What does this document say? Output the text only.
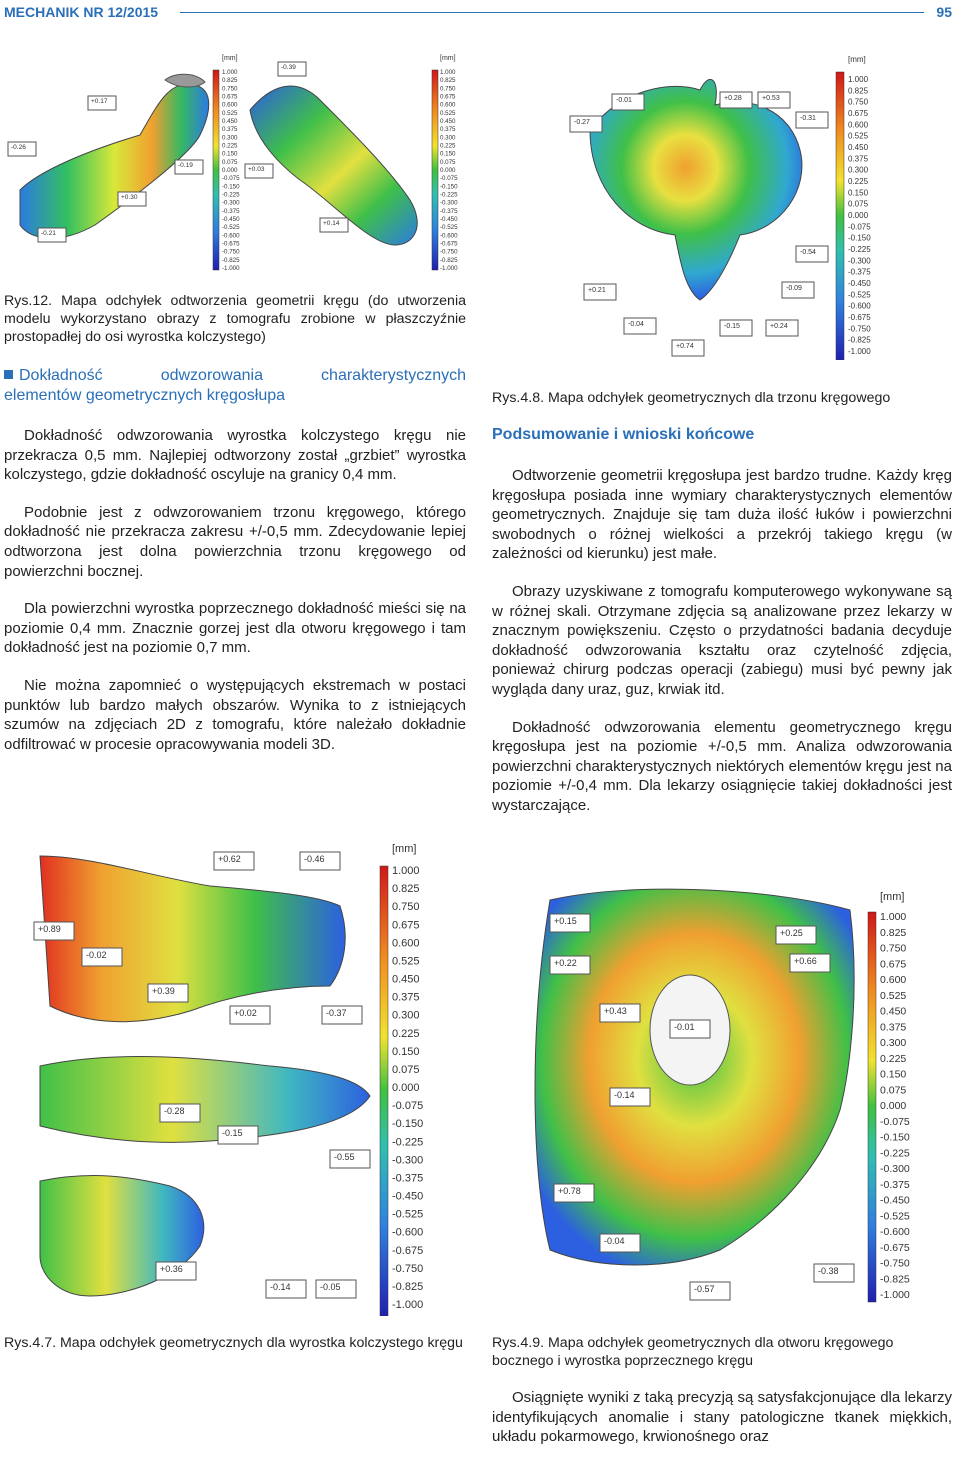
MECHANIK NR 12/2015	95
[mm]
1.000
0.825
0.750
0.675
0.600
0.525
0.450
0.375
0.300
0.225
0.150
0.075
0.000
-0.075
-0.150
-0.225
-0.300
-0.375
-0.450
-0.525
-0.600
-0.675
-0.750
-0.825
-1.000
[mm]
1.000
0.825
0.750
0.675
0.600
0.525
0.450
0.375
0.300
0.225
0.150
0.075
0.000
-0.075
-0.150
-0.225
-0.300
-0.375
-0.450
-0.525
-0.600
-0.675
-0.750
-0.825
-1.000
+0.17
-0.26
-0.19
+0.30
-0.21
-0.39
+0.03
+0.14
Rys.12. Mapa odchyłek odtworzenia geometrii kręgu (do utworzenia modelu wykorzystano obrazy z tomografu zrobione w płaszczyźnie prostopadłej do osi wyrostka kolczystego)
Dokładność odwzorowania charakterystycznych
elementów geometrycznych kręgosłupa

Dokładność odwzorowania wyrostka kolczystego kręgu nie przekracza 0,5 mm. Najlepiej odtworzony został „grzbiet” wyrostka kolczystego, gdzie dokładność oscyluje na granicy 0,4 mm.

Podobnie jest z odwzorowaniem trzonu kręgowego, którego dokładność nie przekracza zakresu +/-0,5 mm. Zdecydowanie lepiej odtworzona jest dolna powierzchnia trzonu kręgowego od powierzchni bocznej.

Dla powierzchni wyrostka poprzecznego dokładność mieści się na poziomie 0,4 mm. Znacznie gorzej jest dla otworu kręgowego i tam dokładność jest na poziomie 0,7 mm.

Nie można zapomnieć o występujących ekstremach w postaci punktów lub bardzo małych obszarów. Wynika to z istniejących szumów na zdjęciach 2D z tomografu, które należało dokładnie odfiltrować w procesie opracowywania modeli 3D.

[mm]
1.000
0.825
0.750
0.675
0.600
0.525
0.450
0.375
0.300
0.225
0.150
0.075
0.000
-0.075
-0.150
-0.225
-0.300
-0.375
-0.450
-0.525
-0.600
-0.675
-0.750
-0.825
-1.000
-0.01	+0.28	+0.53
-0.27
-0.31
-0.54
+0.21	-0.09
-0.04	-0.15	+0.24
+0.74
Rys.4.8. Mapa odchyłek geometrycznych dla trzonu kręgowego
Podsumowanie i wnioski końcowe

Odtworzenie geometrii kręgosłupa jest bardzo trudne. Każdy kręg kręgosłupa posiada inne wymiary charakterystycznych elementów geometrycznych. Znajduje się tam duża ilość łuków i powierzchni swobodnych o różnej wielkości a przekrój takiego kręgu (w zależności od kierunku) jest małe.

Obrazy uzyskiwane z tomografu komputerowego wykonywane są w różnej skali. Otrzymane zdjęcia są analizowane przez lekarzy w znacznym powiększeniu. Często o przydatności badania decyduje dokładność odwzorowania kształtu oraz czytelność zdjęcia, ponieważ chirurg podczas operacji (zabiegu) musi być pewny jak wygląda dany uraz, guz, krwiak itd.

Dokładność odwzorowania elementu geometrycznego kręgu kręgosłupa jest na poziomie +/-0,5 mm. Analiza odwzorowania powierzchni charakterystycznych niektórych elementów kręgu jest na poziomie +/-0,4 mm. Dla lekarzy osiągnięcie takiej dokładności jest wystarczające.

[mm]
1.000
0.825
0.750
0.675
0.600
0.525
0.450
0.375
0.300
0.225
0.150
0.075
0.000
-0.075
-0.150
-0.225
-0.300
-0.375
-0.450
-0.525
-0.600
-0.675
-0.750
-0.825
-1.000
+0.62	-0.46
+0.89
-0.02
+0.39
+0.02	-0.37
-0.28
-0.15
-0.55
+0.36
-0.14	-0.05
Rys.4.7. Mapa odchyłek geometrycznych dla wyrostka kolczystego kręgu
[mm]
1.000
0.825
0.750
0.675
0.600
0.525
0.450
0.375
0.300
0.225
0.150
0.075
0.000
-0.075
-0.150
-0.225
-0.300
-0.375
-0.450
-0.525
-0.600
-0.675
-0.750
-0.825
-1.000
+0.15
+0.25
+0.22	+0.66
+0.43
-0.01
-0.14
+0.78
-0.04
-0.57
-0.38
Rys.4.9. Mapa odchyłek geometrycznych dla otworu kręgowego bocznego i wyrostka poprzecznego kręgu

Osiągnięte wyniki z taką precyzją są satysfakcjonujące dla lekarzy identyfikujących anomalie i stany patologiczne tkanek miękkich, układu pokarmowego, krwionośnego oraz
